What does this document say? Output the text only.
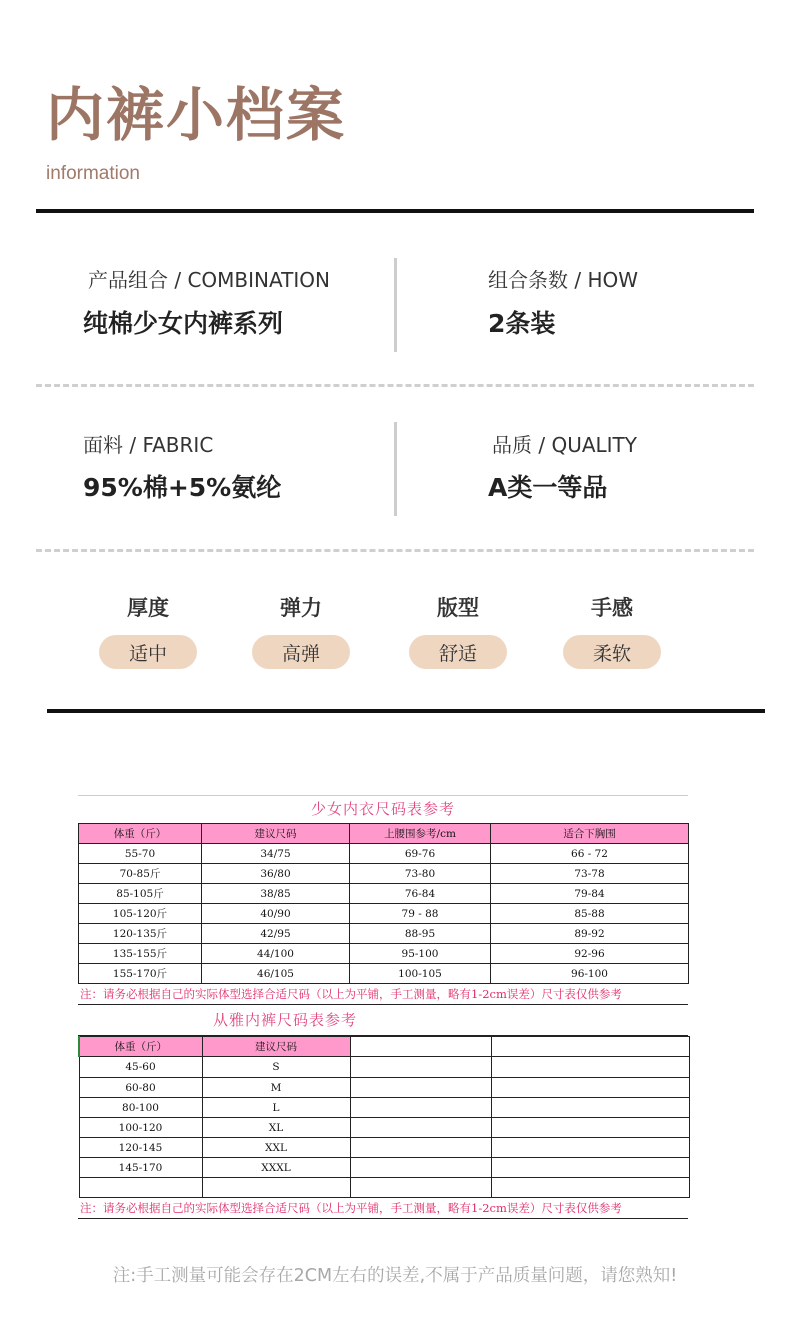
内裤小档案
information
产品组合 / COMBINATION
纯棉少女内裤系列
组合条数 / HOW
2条装
面料 / FABRIC
95%棉+5%氨纶
品质 / QUALITY
A类一等品
厚度
适中
弹力
高弹
版型
舒适
手感
柔软
少女内衣尺码表参考
体重（斤）	建议尺码	上腰围参考/cm	适合下胸围
55-70	34/75	69-76	66 - 72
70-85斤	36/80	73-80	73-78
85-105斤	38/85	76-84	79-84
105-120斤	40/90	79 - 88	85-88
120-135斤	42/95	88-95	89-92
135-155斤	44/100	95-100	92-96
155-170斤	46/105	100-105	96-100
注：请务必根据自己的实际体型选择合适尺码（以上为平铺，手工测量，略有1-2cm误差）尺寸表仅供参考
从雅内裤尺码表参考
体重（斤）	建议尺码		
45-60	S		
60-80	M		
80-100	L		
100-120	XL		
120-145	XXL		
145-170	XXXL		

注：请务必根据自己的实际体型选择合适尺码（以上为平铺，手工测量，略有1-2cm误差）尺寸表仅供参考
注:手工测量可能会存在2CM左右的误差,不属于产品质量问题，请您熟知!
